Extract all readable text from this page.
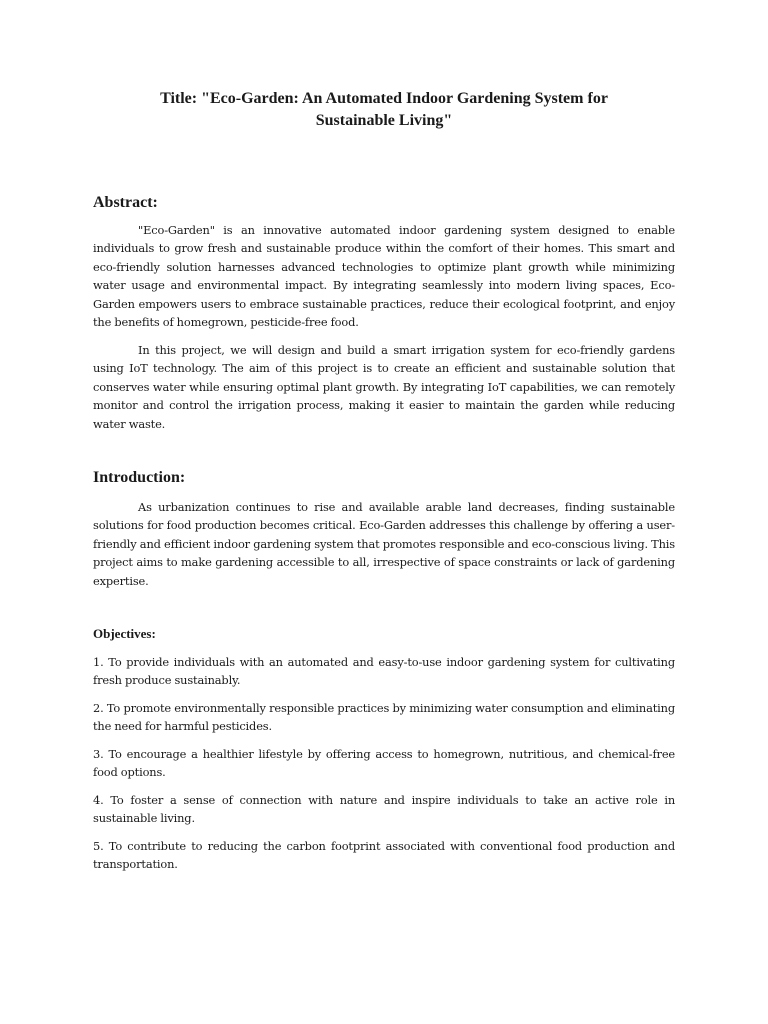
Title: "Eco-Garden: An Automated Indoor Gardening System for
Sustainable Living"
Abstract:

"Eco-Garden" is an innovative automated indoor gardening system designed to enable individuals to grow fresh and sustainable produce within the comfort of their homes. This smart and eco-friendly solution harnesses advanced technologies to optimize plant growth while minimizing water usage and environmental impact. By integrating seamlessly into modern living spaces, Eco-Garden empowers users to embrace sustainable practices, reduce their ecological footprint, and enjoy the benefits of homegrown, pesticide-free food.

In this project, we will design and build a smart irrigation system for eco-friendly gardens using IoT technology. The aim of this project is to create an efficient and sustainable solution that conserves water while ensuring optimal plant growth. By integrating IoT capabilities, we can remotely monitor and control the irrigation process, making it easier to maintain the garden while reducing water waste.

Introduction:

As urbanization continues to rise and available arable land decreases, finding sustainable solutions for food production becomes critical. Eco-Garden addresses this challenge by offering a user-friendly and efficient indoor gardening system that promotes responsible and eco-conscious living. This project aims to make gardening accessible to all, irrespective of space constraints or lack of gardening expertise.

Objectives:

1. To provide individuals with an automated and easy-to-use indoor gardening system for cultivating fresh produce sustainably.

2. To promote environmentally responsible practices by minimizing water consumption and eliminating the need for harmful pesticides.

3. To encourage a healthier lifestyle by offering access to homegrown, nutritious, and chemical-free food options.

4. To foster a sense of connection with nature and inspire individuals to take an active role in sustainable living.

5. To contribute to reducing the carbon footprint associated with conventional food production and transportation.
